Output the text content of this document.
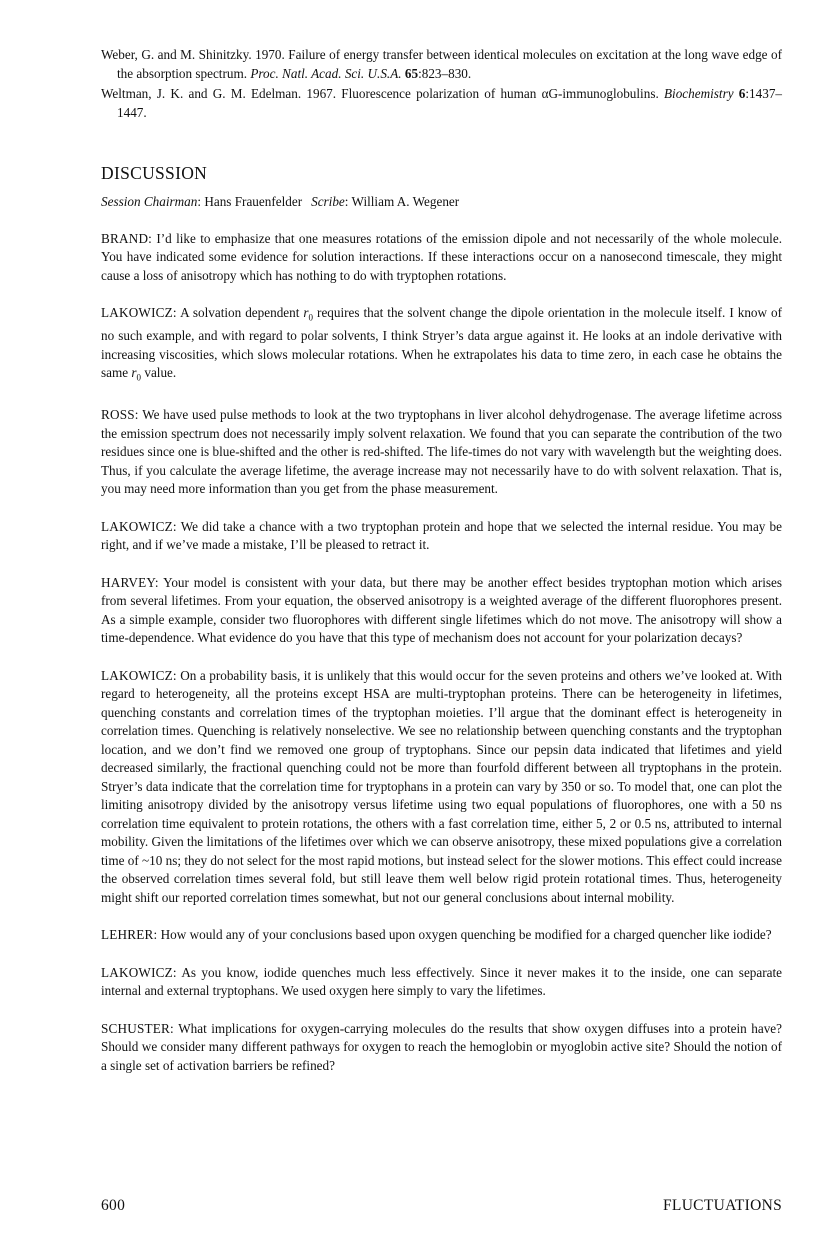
Weber, G. and M. Shinitzky. 1970. Failure of energy transfer between identical molecules on excitation at the long wave edge of the absorption spectrum. Proc. Natl. Acad. Sci. U.S.A. 65:823–830.

Weltman, J. K. and G. M. Edelman. 1967. Fluorescence polarization of human αG-immunoglobulins. Biochemistry 6:1437–1447.

DISCUSSION

Session Chairman: Hans Frauenfelder Scribe: William A. Wegener

BRAND: I’d like to emphasize that one measures rotations of the emission dipole and not necessarily of the whole molecule. You have indicated some evidence for solution interactions. If these interactions occur on a nanosecond timescale, they might cause a loss of anisotropy which has nothing to do with tryptophen rotations.

LAKOWICZ: A solvation dependent $r_0$ requires that the solvent change the dipole orientation in the molecule itself. I know of no such example, and with regard to polar solvents, I think Stryer’s data argue against it. He looks at an indole derivative with increasing viscosities, which slows molecular rotations. When he extrapolates his data to time zero, in each case he obtains the same $r_0$ value.

ROSS: We have used pulse methods to look at the two tryptophans in liver alcohol dehydrogenase. The average lifetime across the emission spectrum does not necessarily imply solvent relaxation. We found that you can separate the contribution of the two residues since one is blue-shifted and the other is red-shifted. The life-times do not vary with wavelength but the weighting does. Thus, if you calculate the average lifetime, the average increase may not necessarily have to do with solvent relaxation. That is, you may need more information than you get from the phase measurement.

LAKOWICZ: We did take a chance with a two tryptophan protein and hope that we selected the internal residue. You may be right, and if we’ve made a mistake, I’ll be pleased to retract it.

HARVEY: Your model is consistent with your data, but there may be another effect besides tryptophan motion which arises from several lifetimes. From your equation, the observed anisotropy is a weighted average of the different fluorophores present. As a simple example, consider two fluorophores with different single lifetimes which do not move. The anisotropy will show a time-dependence. What evidence do you have that this type of mechanism does not account for your polarization decays?

LAKOWICZ: On a probability basis, it is unlikely that this would occur for the seven proteins and others we’ve looked at. With regard to heterogeneity, all the proteins except HSA are multi-tryptophan proteins. There can be heterogeneity in lifetimes, quenching constants and correlation times of the tryptophan moieties. I’ll argue that the dominant effect is heterogeneity in correlation times. Quenching is relatively nonselective. We see no relationship between quenching constants and the tryptophan location, and we don’t find we removed one group of tryptophans. Since our pepsin data indicated that lifetimes and yield decreased similarly, the fractional quenching could not be more than fourfold different between all tryptophans in the protein. Stryer’s data indicate that the correlation time for tryptophans in a protein can vary by 350 or so. To model that, one can plot the limiting anisotropy divided by the anisotropy versus lifetime using two equal populations of fluorophores, one with a 50 ns correlation time equivalent to protein rotations, the others with a fast correlation time, either 5, 2 or 0.5 ns, attributed to internal mobility. Given the limitations of the lifetimes over which we can observe anisotropy, these mixed populations give a correlation time of ~10 ns; they do not select for the most rapid motions, but instead select for the slower motions. This effect could increase the observed correlation times several fold, but still leave them well below rigid protein rotational times. Thus, heterogeneity might shift our reported correlation times somewhat, but not our general conclusions about internal mobility.

LEHRER: How would any of your conclusions based upon oxygen quenching be modified for a charged quencher like iodide?

LAKOWICZ: As you know, iodide quenches much less effectively. Since it never makes it to the inside, one can separate internal and external tryptophans. We used oxygen here simply to vary the lifetimes.

SCHUSTER: What implications for oxygen-carrying molecules do the results that show oxygen diffuses into a protein have? Should we consider many different pathways for oxygen to reach the hemoglobin or myoglobin active site? Should the notion of a single set of activation barriers be refined?

600	FLUCTUATIONS
